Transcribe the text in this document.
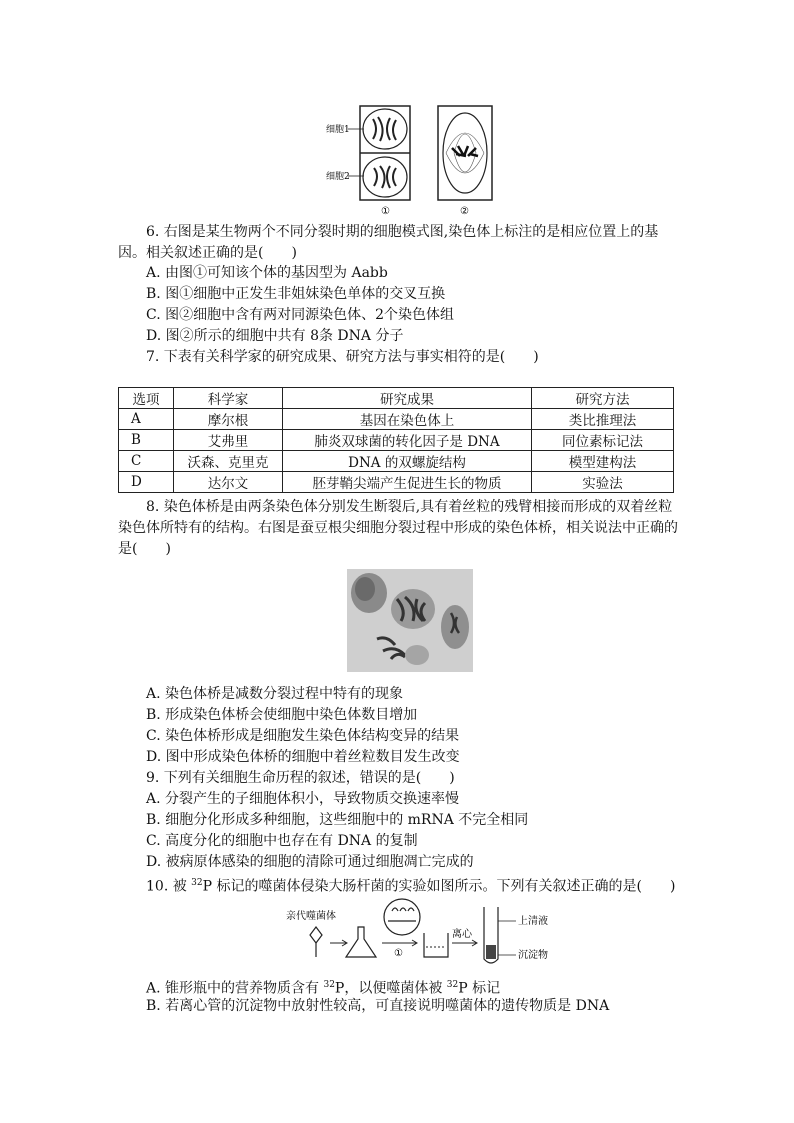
细胞1
细胞2
①	②

6. 右图是某生物两个不同分裂时期的细胞模式图,染色体上标注的是相应位置上的基因。相关叙述正确的是(　　)

A. 由图①可知该个体的基因型为 Aabb
B. 图①细胞中正发生非姐妹染色单体的交叉互换
C. 图②细胞中含有两对同源染色体、2个染色体组
D. 图②所示的细胞中共有 8条 DNA 分子

7. 下表有关科学家的研究成果、研究方法与事实相符的是(　　)

选项	科学家	研究成果	研究方法
A	摩尔根	基因在染色体上	类比推理法
B	艾弗里	肺炎双球菌的转化因子是 DNA	同位素标记法
C	沃森、克里克	DNA 的双螺旋结构	模型建构法
D	达尔文	胚芽鞘尖端产生促进生长的物质	实验法

8. 染色体桥是由两条染色体分别发生断裂后,具有着丝粒的残臂相接而形成的双着丝粒染色体所特有的结构。右图是蚕豆根尖细胞分裂过程中形成的染色体桥，相关说法中正确的是(　　)

A. 染色体桥是减数分裂过程中特有的现象
B. 形成染色体桥会使细胞中染色体数目增加
C. 染色体桥形成是细胞发生染色体结构变异的结果
D. 图中形成染色体桥的细胞中着丝粒数目发生改变
9. 下列有关细胞生命历程的叙述，错误的是(　　)
A. 分裂产生的子细胞体积小，导致物质交换速率慢
B. 细胞分化形成多种细胞，这些细胞中的 mRNA 不完全相同
C. 高度分化的细胞中也存在有 DNA 的复制
D. 被病原体感染的细胞的清除可通过细胞凋亡完成的
10. 被 $^{32}$P 标记的噬菌体侵染大肠杆菌的实验如图所示。下列有关叙述正确的是(　　)
亲代噬菌体
①
离心
上清液
沉淀物
A. 锥形瓶中的营养物质含有 $^{32}$P，以便噬菌体被 $^{32}$P 标记
B. 若离心管的沉淀物中放射性较高，可直接说明噬菌体的遗传物质是 DNA
